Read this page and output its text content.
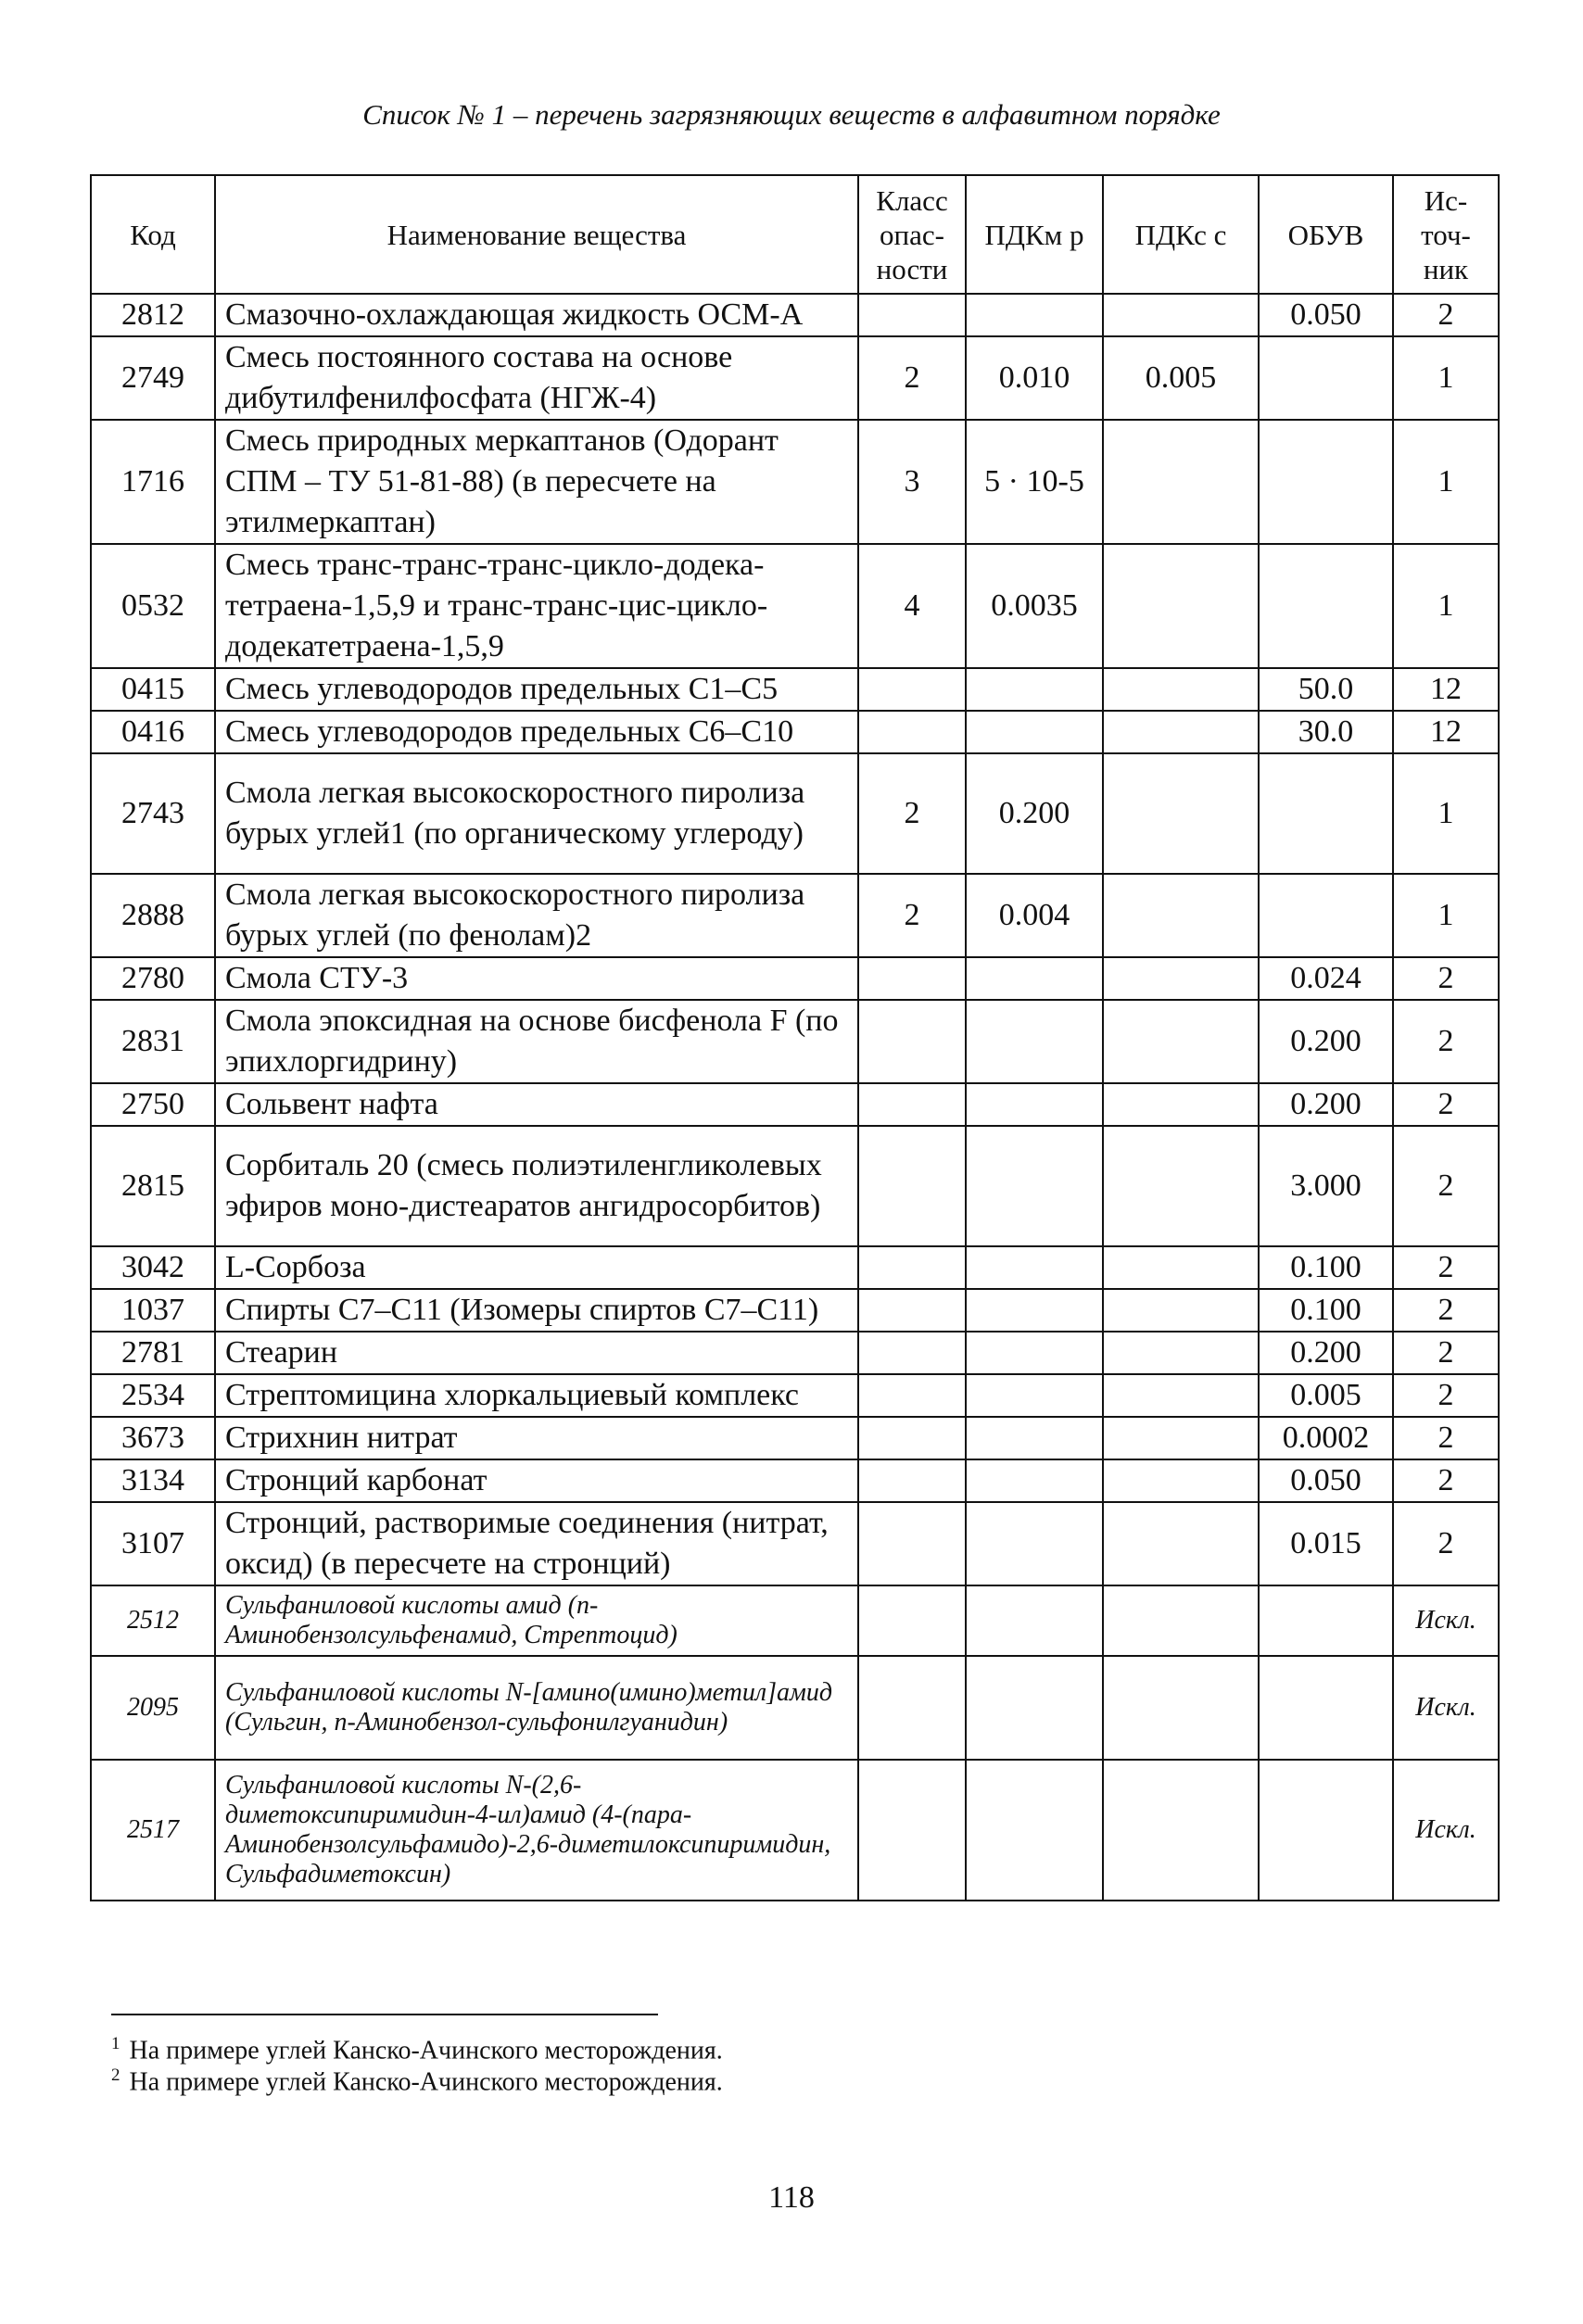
Список № 1 – перечень загрязняющих веществ в алфавитном порядке
Код	Наименование вещества	Класс опас- ности	ПДКм р	ПДКс с	ОБУВ	Ис- точ- ник
2812	Смазочно-охлаждающая жидкость ОСМ-А				0.050	2
2749	Смесь постоянного состава на основе дибутилфенилфосфата (НГЖ-4)	2	0.010	0.005		1
1716	Смесь природных меркаптанов (Одорант СПМ – ТУ 51-81-88) (в пересчете на этилмеркаптан)	3	5 · 10-5			1
0532	Смесь транс-транс-транс-цикло-додека-тетраена-1,5,9 и транс-транс-цис-цикло-додекатетраена-1,5,9	4	0.0035			1
0415	Смесь углеводородов предельных C1–C5				50.0	12
0416	Смесь углеводородов предельных C6–C10				30.0	12
2743	Смола легкая высокоскоростного пиролиза бурых углей1 (по органическому углероду)	2	0.200			1
2888	Смола легкая высокоскоростного пиролиза бурых углей (по фенолам)2	2	0.004			1
2780	Смола СТУ-3				0.024	2
2831	Смола эпоксидная на основе бисфенола F (по эпихлоргидрину)				0.200	2
2750	Сольвент нафта				0.200	2
2815	Сорбиталь 20 (смесь полиэтиленгликолевых эфиров моно-дистеаратов ангидросорбитов)				3.000	2
3042	L-Сорбоза				0.100	2
1037	Спирты C7–C11 (Изомеры спиртов C7–C11)				0.100	2
2781	Стеарин				0.200	2
2534	Стрептомицина хлоркальциевый комплекс				0.005	2
3673	Стрихнин нитрат				0.0002	2
3134	Стронций карбонат				0.050	2
3107	Стронций, растворимые соединения (нитрат, оксид) (в пересчете на стронций)				0.015	2
2512	Сульфаниловой кислоты амид (п-Аминобензолсульфенамид, Стрептоцид)					Искл.
2095	Сульфаниловой кислоты N-[амино(имино)метил]амид (Сульгин, п-Аминобензол-сульфонилгуанидин)					Искл.
2517	Сульфаниловой кислоты N-(2,6-диметоксипиримидин-4-ил)амид (4-(пара-Аминобензолсульфамидо)-2,6-диметилоксипиримидин, Сульфадиметоксин)					Искл.
$^1$ На примере углей Канско-Ачинского месторождения.
$^2$ На примере углей Канско-Ачинского месторождения.
118
